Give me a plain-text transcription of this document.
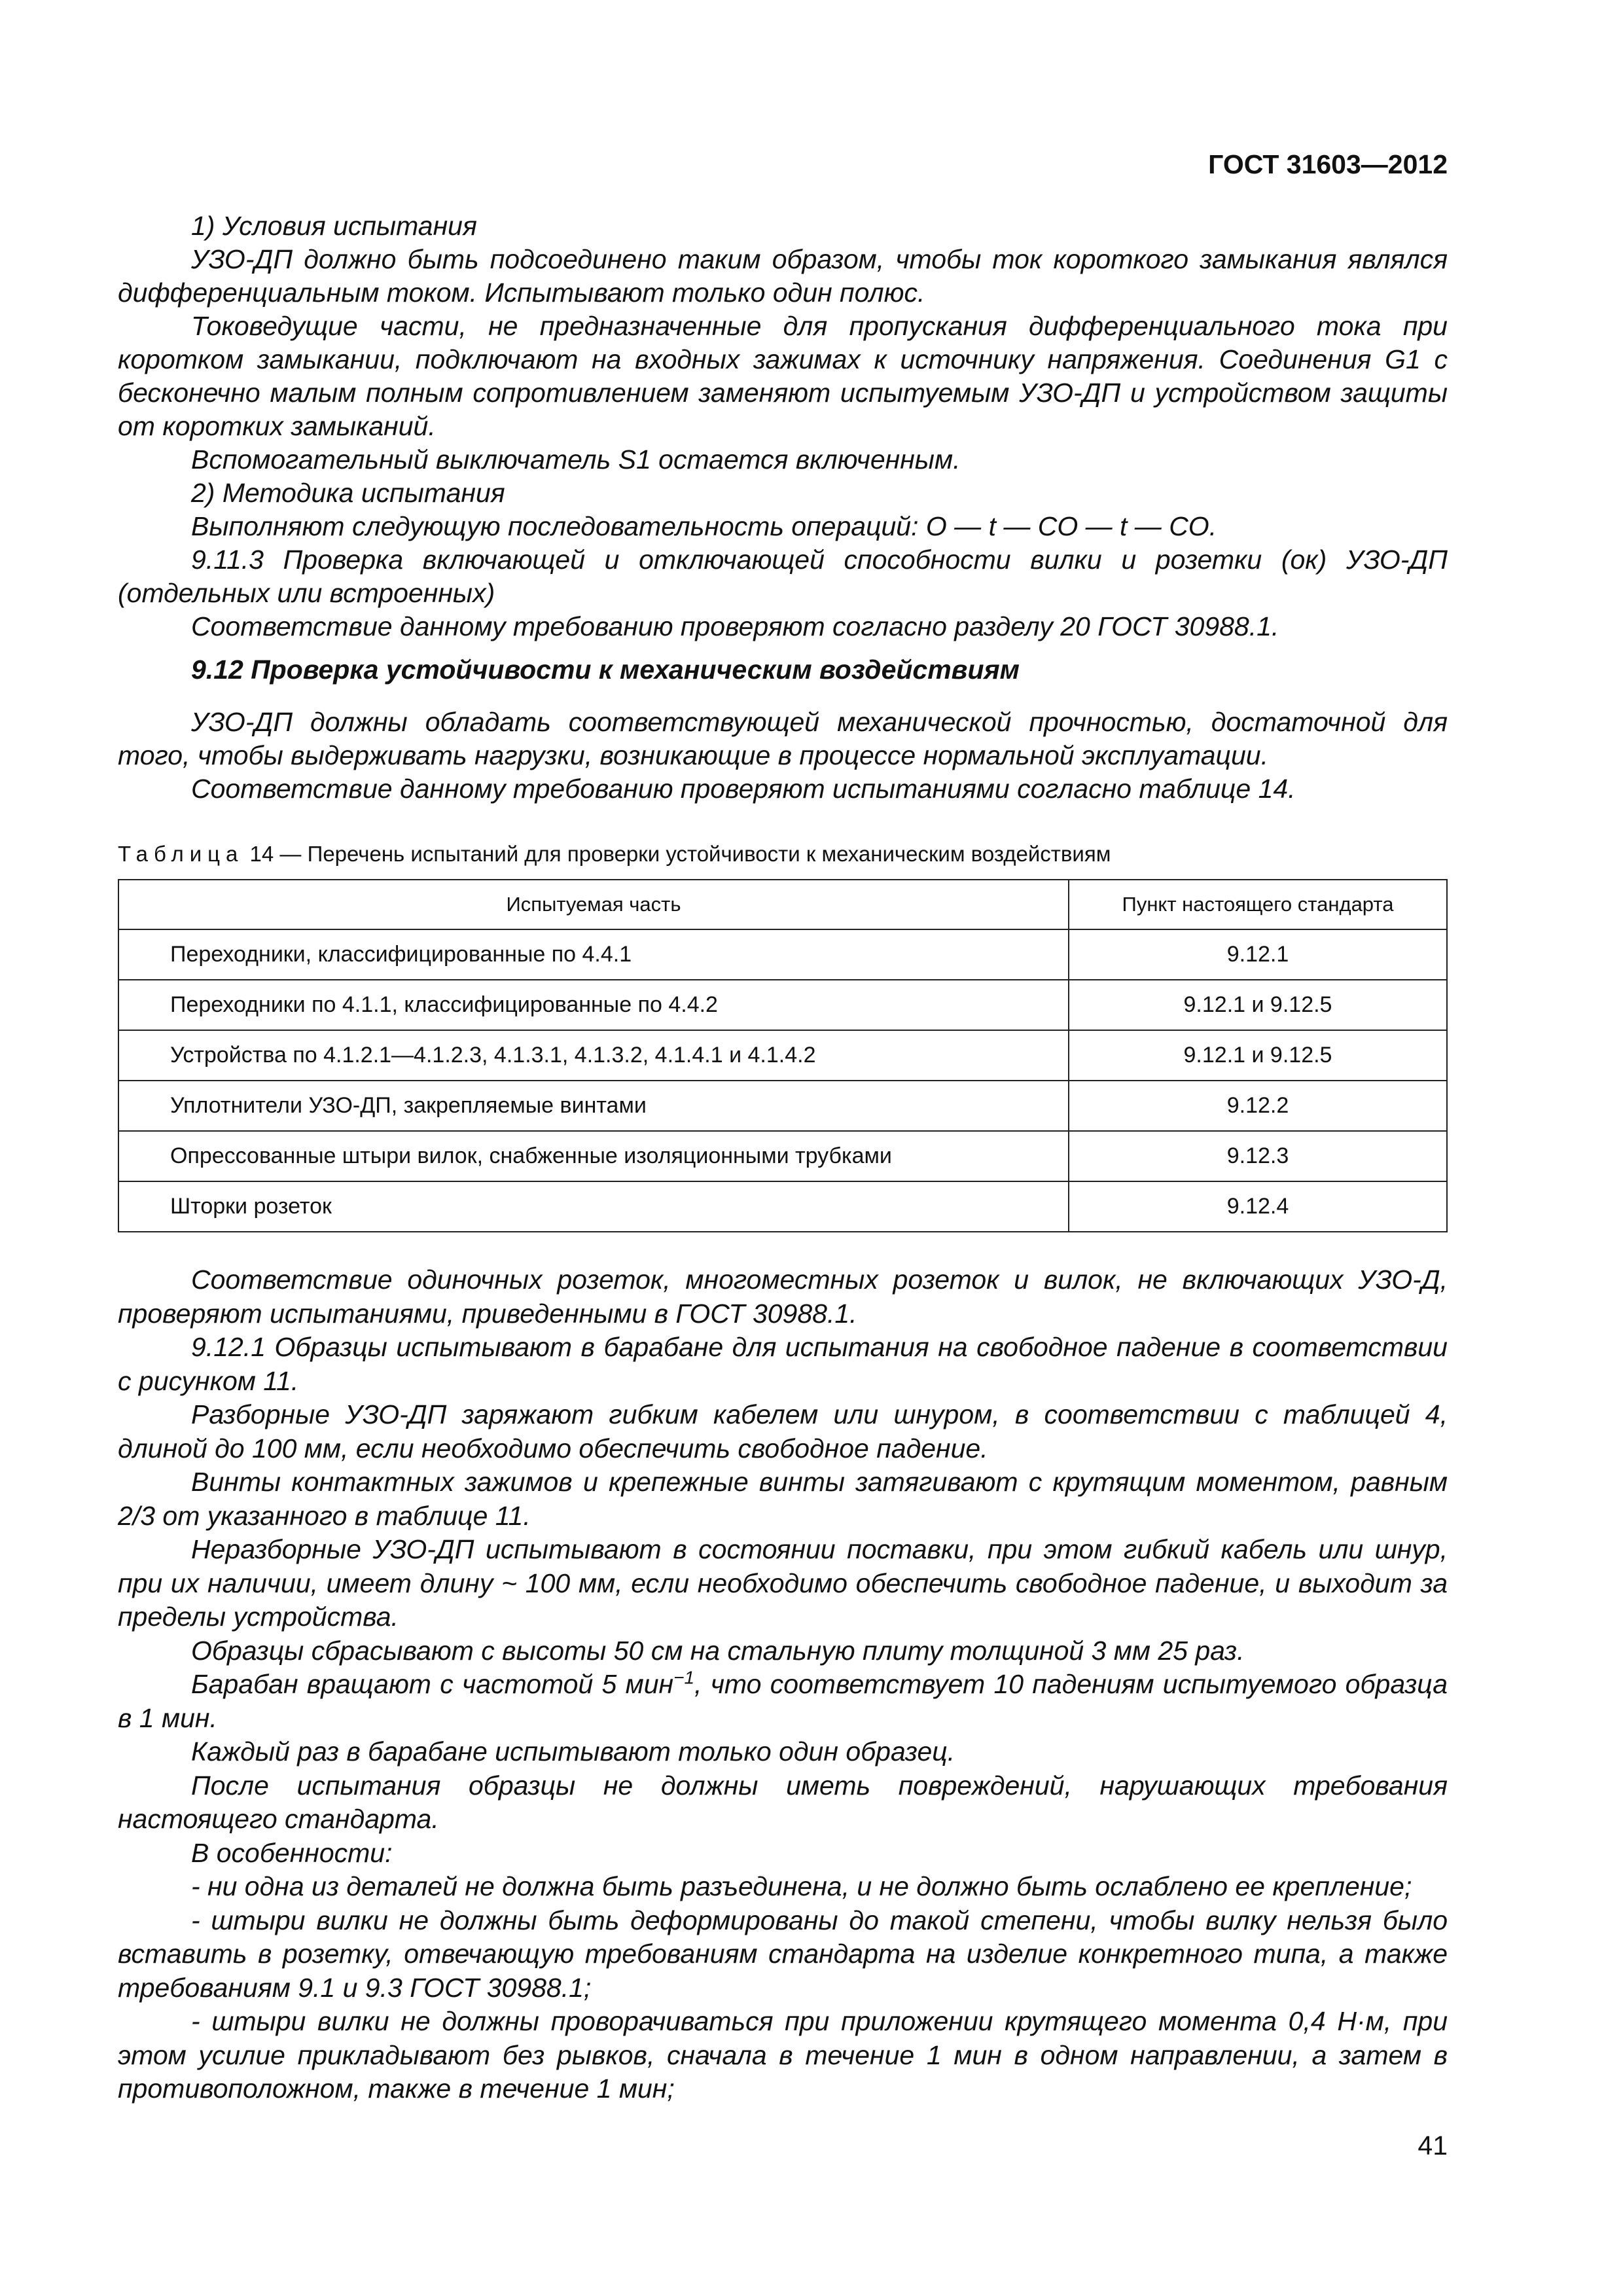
ГОСТ 31603—2012

1) Условия испытания

УЗО-ДП должно быть подсоединено таким образом, чтобы ток короткого замыкания являлся дифференциальным током. Испытывают только один полюс.

Токоведущие части, не предназначенные для пропускания дифференциального тока при коротком замыкании, подключают на входных зажимах к источнику напряжения. Соединения G1 с бесконечно малым полным сопротивлением заменяют испытуемым УЗО-ДП и устройством защиты от коротких замыканий.

Вспомогательный выключатель S1 остается включенным.

2) Методика испытания

Выполняют следующую последовательность операций: O — t — CO — t — CO.

9.11.3 Проверка включающей и отключающей способности вилки и розетки (ок) УЗО-ДП (отдельных или встроенных)

Соответствие данному требованию проверяют согласно разделу 20 ГОСТ 30988.1.

9.12 Проверка устойчивости к механическим воздействиям

УЗО-ДП должны обладать соответствующей механической прочностью, достаточной для того, чтобы выдерживать нагрузки, возникающие в процессе нормальной эксплуатации.

Соответствие данному требованию проверяют испытаниями согласно таблице 14.

Таблица 14 — Перечень испытаний для проверки устойчивости к механическим воздействиям
Испытуемая часть	Пункт настоящего стандарта
Переходники, классифицированные по 4.4.1	9.12.1
Переходники по 4.1.1, классифицированные по 4.4.2	9.12.1 и 9.12.5
Устройства по 4.1.2.1—4.1.2.3, 4.1.3.1, 4.1.3.2, 4.1.4.1 и 4.1.4.2	9.12.1 и 9.12.5
Уплотнители УЗО-ДП, закрепляемые винтами	9.12.2
Опрессованные штыри вилок, снабженные изоляционными трубками	9.12.3
Шторки розеток	9.12.4

Соответствие одиночных розеток, многоместных розеток и вилок, не включающих УЗО-Д, проверяют испытаниями, приведенными в ГОСТ 30988.1.

9.12.1 Образцы испытывают в барабане для испытания на свободное падение в соответствии с рисунком 11.

Разборные УЗО-ДП заряжают гибким кабелем или шнуром, в соответствии с таблицей 4, длиной до 100 мм, если необходимо обеспечить свободное падение.

Винты контактных зажимов и крепежные винты затягивают с крутящим моментом, равным 2/3 от указанного в таблице 11.

Неразборные УЗО-ДП испытывают в состоянии поставки, при этом гибкий кабель или шнур, при их наличии, имеет длину ~ 100 мм, если необходимо обеспечить свободное падение, и выходит за пределы устройства.

Образцы сбрасывают с высоты 50 см на стальную плиту толщиной 3 мм 25 раз.

Барабан вращают с частотой 5 мин$^{-1}$, что соответствует 10 падениям испытуемого образца в 1 мин.

Каждый раз в барабане испытывают только один образец.

После испытания образцы не должны иметь повреждений, нарушающих требования настоящего стандарта.

В особенности:

- ни одна из деталей не должна быть разъединена, и не должно быть ослаблено ее крепление;

- штыри вилки не должны быть деформированы до такой степени, чтобы вилку нельзя было вставить в розетку, отвечающую требованиям стандарта на изделие конкретного типа, а также требованиям 9.1 и 9.3 ГОСТ 30988.1;

- штыри вилки не должны проворачиваться при приложении крутящего момента 0,4 Н·м, при этом усилие прикладывают без рывков, сначала в течение 1 мин в одном направлении, а затем в противоположном, также в течение 1 мин;

41
